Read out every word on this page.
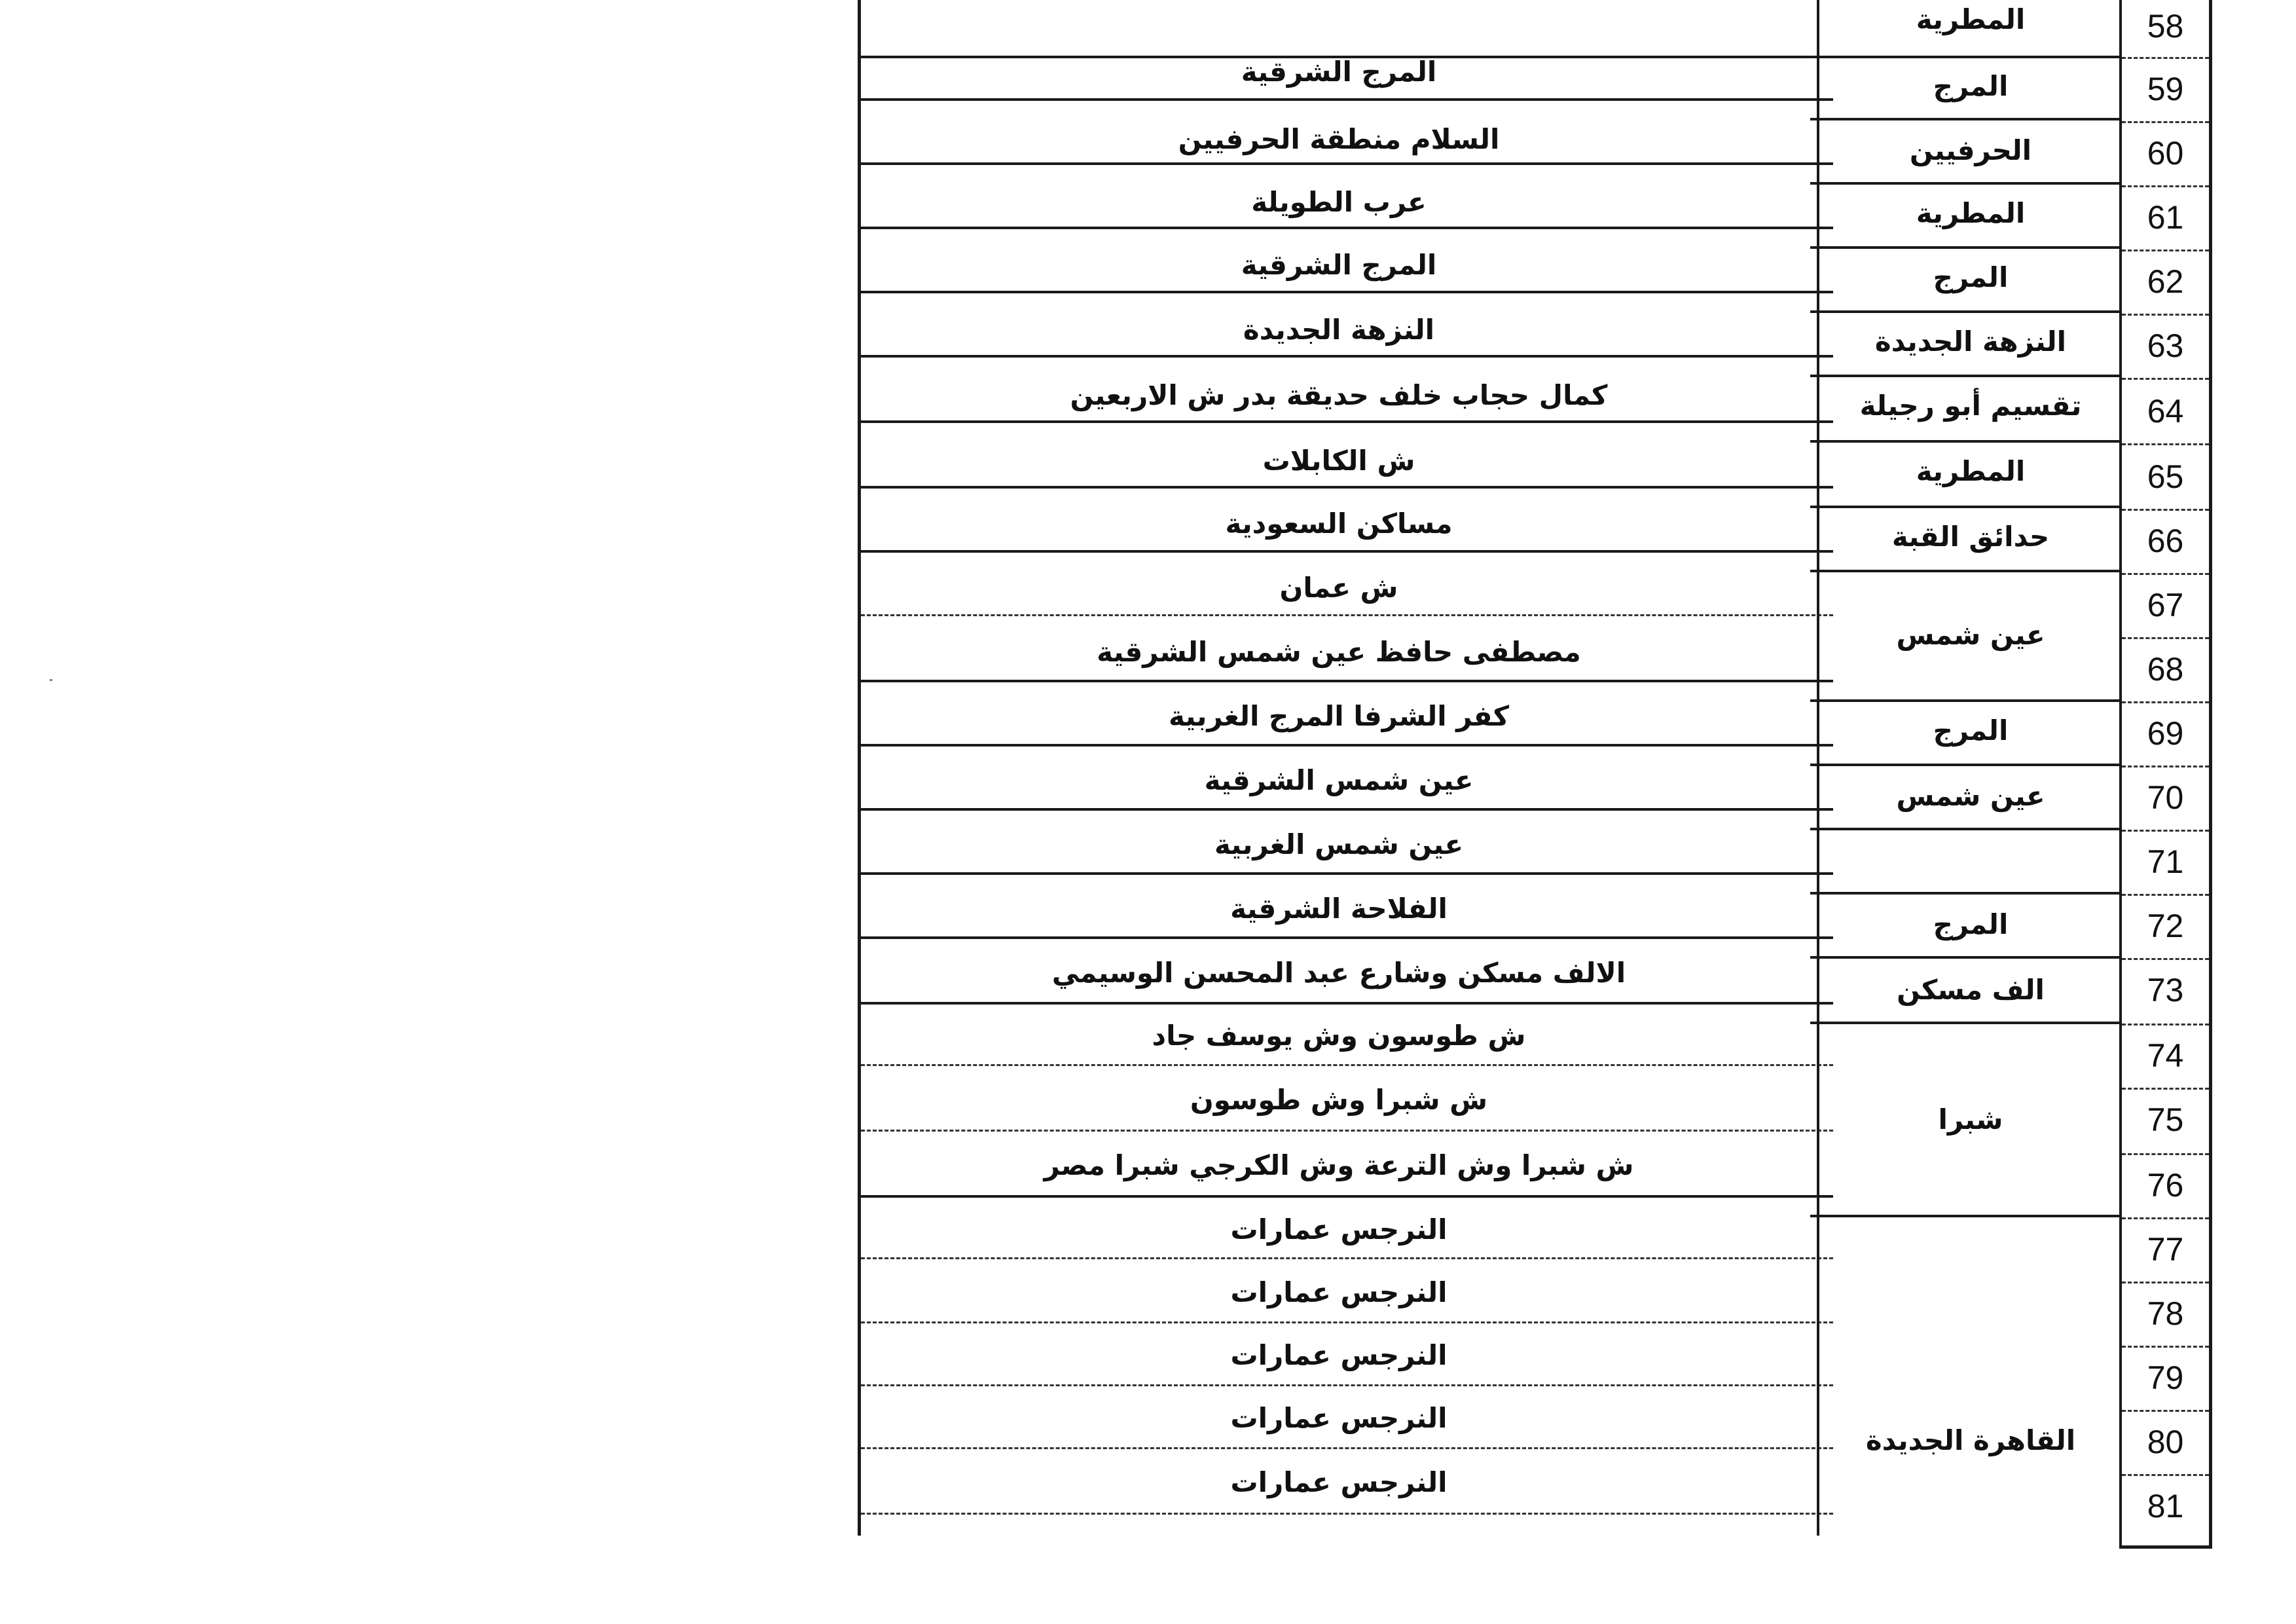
المرج الشرقية
السلام منطقة الحرفيين
عرب الطويلة
المرج الشرقية
النزهة الجديدة
كمال حجاب خلف حديقة بدر ش الاربعين
ش الكابلات
مساكن السعودية
ش عمان
مصطفى حافظ عين شمس الشرقية
كفر الشرفا المرج الغربية
عين شمس الشرقية
عين شمس الغربية
الفلاحة الشرقية
الالف مسكن وشارع عبد المحسن الوسيمي
ش طوسون وش يوسف جاد
ش شبرا وش طوسون
ش شبرا وش الترعة وش الكرجي شبرا مصر
النرجس عمارات
النرجس عمارات
النرجس عمارات
النرجس عمارات
النرجس عمارات
المطرية
المرج
الحرفيين
المطرية
المرج
النزهة الجديدة
تقسيم أبو رجيلة
المطرية
حدائق القبة
عين شمس
المرج
عين شمس
المرج
الف مسكن
شبرا
القاهرة الجديدة
58
59
60
61
62
63
64
65
66
67
68
69
70
71
72
73
74
75
76
77
78
79
80
81
